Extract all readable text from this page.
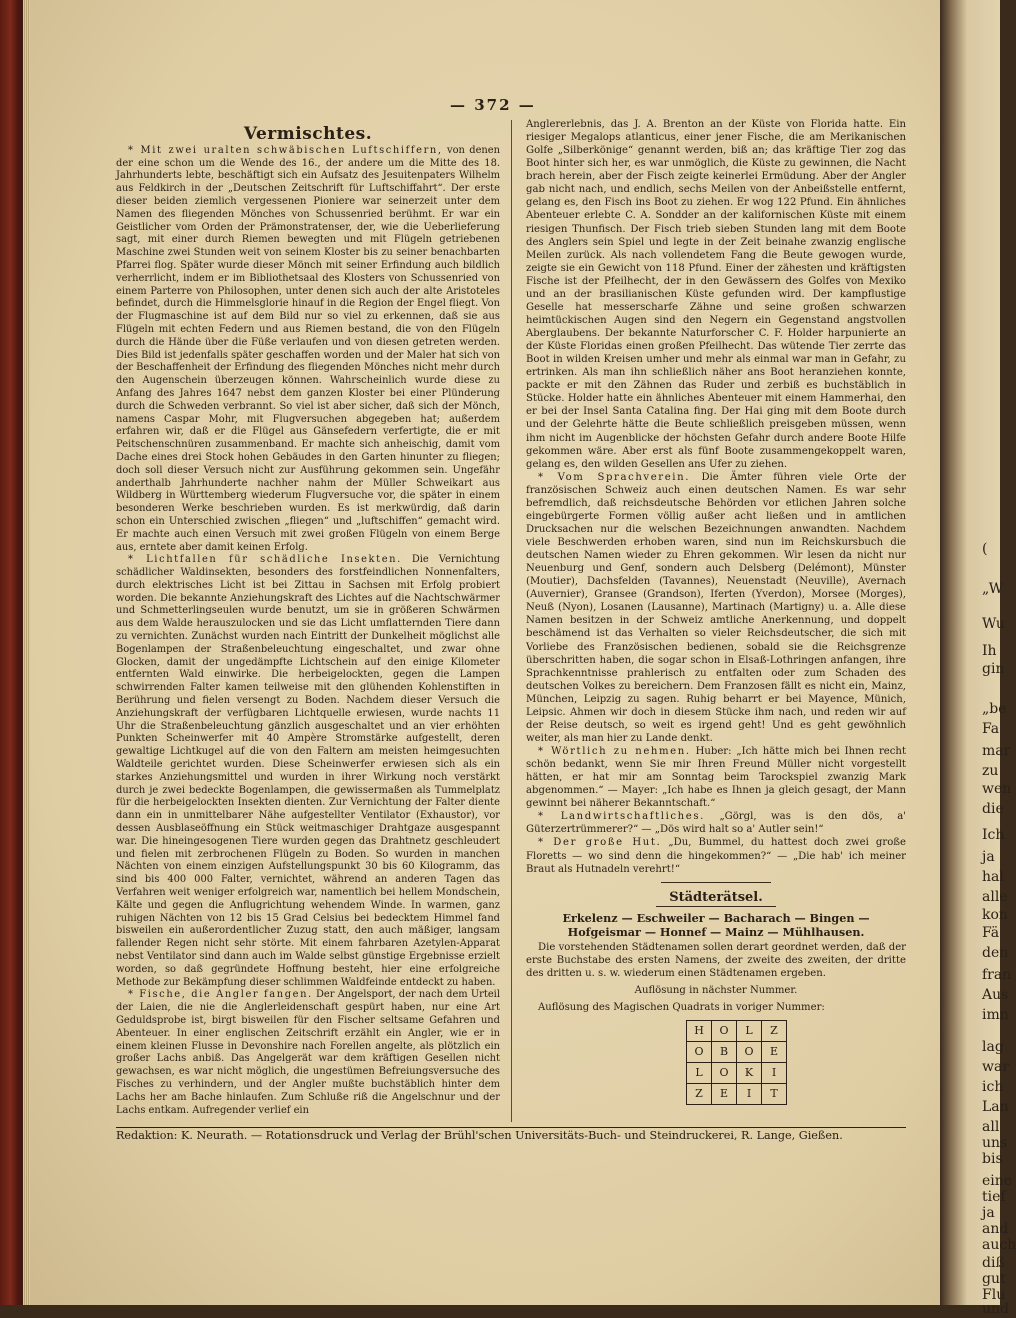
— 372 —
Vermischtes.

* Mit zwei uralten schwäbischen Luftschiffern, von denen der eine schon um die Wende des 16., der andere um die Mitte des 18. Jahrhunderts lebte, beschäftigt sich ein Aufsatz des Jesuitenpaters Wilhelm aus Feldkirch in der „Deutschen Zeitschrift für Luftschiffahrt“. Der erste dieser beiden ziemlich vergessenen Pioniere war seinerzeit unter dem Namen des fliegenden Mönches von Schussenried berühmt. Er war ein Geistlicher vom Orden der Prämonstratenser, der, wie die Ueberlieferung sagt, mit einer durch Riemen bewegten und mit Flügeln getriebenen Maschine zwei Stunden weit von seinem Kloster bis zu seiner benachbarten Pfarrei flog. Später wurde dieser Mönch mit seiner Erfindung auch bildlich verherrlicht, indem er im Bibliothetsaal des Klosters von Schussenried von einem Parterre von Philosophen, unter denen sich auch der alte Aristoteles befindet, durch die Himmelsglorie hinauf in die Region der Engel fliegt. Von der Flugmaschine ist auf dem Bild nur so viel zu erkennen, daß sie aus Flügeln mit echten Federn und aus Riemen bestand, die von den Flügeln durch die Hände über die Füße verlaufen und von diesen getreten werden. Dies Bild ist jedenfalls später geschaffen worden und der Maler hat sich von der Beschaffenheit der Erfindung des fliegenden Mönches nicht mehr durch den Augenschein überzeugen können. Wahrscheinlich wurde diese zu Anfang des Jahres 1647 nebst dem ganzen Kloster bei einer Plünderung durch die Schweden verbrannt. So viel ist aber sicher, daß sich der Mönch, namens Caspar Mohr, mit Flugversuchen abgegeben hat; außerdem erfahren wir, daß er die Flügel aus Gänsefedern verfertigte, die er mit Peitschenschnüren zusammenband. Er machte sich anheischig, damit vom Dache eines drei Stock hohen Gebäudes in den Garten hinunter zu fliegen; doch soll dieser Versuch nicht zur Ausführung gekommen sein. Ungefähr anderthalb Jahrhunderte nachher nahm der Müller Schweikart aus Wildberg in Württemberg wiederum Flugversuche vor, die später in einem besonderen Werke beschrieben wurden. Es ist merkwürdig, daß darin schon ein Unterschied zwischen „fliegen“ und „luftschiffen“ gemacht wird. Er machte auch einen Versuch mit zwei großen Flügeln von einem Berge aus, erntete aber damit keinen Erfolg.

* Lichtfallen für schädliche Insekten. Die Vernichtung schädlicher Waldinsekten, besonders des forstfeindlichen Nonnenfalters, durch elektrisches Licht ist bei Zittau in Sachsen mit Erfolg probiert worden. Die bekannte Anziehungskraft des Lichtes auf die Nachtschwärmer und Schmetterlingseulen wurde benutzt, um sie in größeren Schwärmen aus dem Walde herauszulocken und sie das Licht umflatternden Tiere dann zu vernichten. Zunächst wurden nach Eintritt der Dunkelheit möglichst alle Bogenlampen der Straßenbeleuchtung eingeschaltet, und zwar ohne Glocken, damit der ungedämpfte Lichtschein auf den einige Kilometer entfernten Wald einwirke. Die herbeigelockten, gegen die Lampen schwirrenden Falter kamen teilweise mit den glühenden Kohlenstiften in Berührung und fielen versengt zu Boden. Nachdem dieser Versuch die Anziehungskraft der verfügbaren Lichtquelle erwiesen, wurde nachts 11 Uhr die Straßenbeleuchtung gänzlich ausgeschaltet und an vier erhöhten Punkten Scheinwerfer mit 40 Ampère Stromstärke aufgestellt, deren gewaltige Lichtkugel auf die von den Faltern am meisten heimgesuchten Waldteile gerichtet wurden. Diese Scheinwerfer erwiesen sich als ein starkes Anziehungsmittel und wurden in ihrer Wirkung noch verstärkt durch je zwei bedeckte Bogenlampen, die gewissermaßen als Tummelplatz für die herbeigelockten Insekten dienten. Zur Vernichtung der Falter diente dann ein in unmittelbarer Nähe aufgestellter Ventilator (Exhaustor), vor dessen Ausblaseöffnung ein Stück weitmaschiger Drahtgaze ausgespannt war. Die hineingesogenen Tiere wurden gegen das Drahtnetz geschleudert und fielen mit zerbrochenen Flügeln zu Boden. So wurden in manchen Nächten von einem einzigen Aufstellungspunkt 30 bis 60 Kilogramm, das sind bis 400 000 Falter, vernichtet, während an anderen Tagen das Verfahren weit weniger erfolgreich war, namentlich bei hellem Mondschein, Kälte und gegen die Anflugrichtung wehendem Winde. In warmen, ganz ruhigen Nächten von 12 bis 15 Grad Celsius bei bedecktem Himmel fand bisweilen ein außerordentlicher Zuzug statt, den auch mäßiger, langsam fallender Regen nicht sehr störte. Mit einem fahrbaren Azetylen-Apparat nebst Ventilator sind dann auch im Walde selbst günstige Ergebnisse erzielt worden, so daß gegründete Hoffnung besteht, hier eine erfolgreiche Methode zur Bekämpfung dieser schlimmen Waldfeinde entdeckt zu haben.

* Fische, die Angler fangen. Der Angelsport, der nach dem Urteil der Laien, die nie die Anglerleidenschaft gespürt haben, nur eine Art Geduldsprobe ist, birgt bisweilen für den Fischer seltsame Gefahren und Abenteuer. In einer englischen Zeitschrift erzählt ein Angler, wie er in einem kleinen Flusse in Devonshire nach Forellen angelte, als plötzlich ein großer Lachs anbiß. Das Angelgerät war dem kräftigen Gesellen nicht gewachsen, es war nicht möglich, die ungestümen Befreiungsversuche des Fisches zu verhindern, und der Angler mußte buchstäblich hinter dem Lachs her am Bache hinlaufen. Zum Schluße riß die Angelschnur und der Lachs entkam. Aufregender verlief ein

Anglererlebnis, das J. A. Brenton an der Küste von Florida hatte. Ein riesiger Megalops atlanticus, einer jener Fische, die am Merikanischen Golfe „Silberkönige“ genannt werden, biß an; das kräftige Tier zog das Boot hinter sich her, es war unmöglich, die Küste zu gewinnen, die Nacht brach herein, aber der Fisch zeigte keinerlei Ermüdung. Aber der Angler gab nicht nach, und endlich, sechs Meilen von der Anbeißstelle entfernt, gelang es, den Fisch ins Boot zu ziehen. Er wog 122 Pfund. Ein ähnliches Abenteuer erlebte C. A. Sondder an der kalifornischen Küste mit einem riesigen Thunfisch. Der Fisch trieb sieben Stunden lang mit dem Boote des Anglers sein Spiel und legte in der Zeit beinahe zwanzig englische Meilen zurück. Als nach vollendetem Fang die Beute gewogen wurde, zeigte sie ein Gewicht von 118 Pfund. Einer der zähesten und kräftigsten Fische ist der Pfeilhecht, der in den Gewässern des Golfes von Mexiko und an der brasilianischen Küste gefunden wird. Der kampflustige Geselle hat messerscharfe Zähne und seine großen schwarzen heimtückischen Augen sind den Negern ein Gegenstand angstvollen Aberglaubens. Der bekannte Naturforscher C. F. Holder harpunierte an der Küste Floridas einen großen Pfeilhecht. Das wütende Tier zerrte das Boot in wilden Kreisen umher und mehr als einmal war man in Gefahr, zu ertrinken. Als man ihn schließlich näher ans Boot heranziehen konnte, packte er mit den Zähnen das Ruder und zerbiß es buchstäblich in Stücke. Holder hatte ein ähnliches Abenteuer mit einem Hammerhai, den er bei der Insel Santa Catalina fing. Der Hai ging mit dem Boote durch und der Gelehrte hätte die Beute schließlich preisgeben müssen, wenn ihm nicht im Augenblicke der höchsten Gefahr durch andere Boote Hilfe gekommen wäre. Aber erst als fünf Boote zusammengekoppelt waren, gelang es, den wilden Gesellen ans Ufer zu ziehen.

* Vom Sprachverein. Die Ämter führen viele Orte der französischen Schweiz auch einen deutschen Namen. Es war sehr befremdlich, daß reichsdeutsche Behörden vor etlichen Jahren solche eingebürgerte Formen völlig außer acht ließen und in amtlichen Drucksachen nur die welschen Bezeichnungen anwandten. Nachdem viele Beschwerden erhoben waren, sind nun im Reichskursbuch die deutschen Namen wieder zu Ehren gekommen. Wir lesen da nicht nur Neuenburg und Genf, sondern auch Delsberg (Delémont), Münster (Moutier), Dachsfelden (Tavannes), Neuenstadt (Neuville), Avernach (Auvernier), Gransee (Grandson), Iferten (Yverdon), Morsee (Morges), Neuß (Nyon), Losanen (Lausanne), Martinach (Martigny) u. a. Alle diese Namen besitzen in der Schweiz amtliche Anerkennung, und doppelt beschämend ist das Verhalten so vieler Reichsdeutscher, die sich mit Vorliebe des Französischen bedienen, sobald sie die Reichsgrenze überschritten haben, die sogar schon in Elsaß-Lothringen anfangen, ihre Sprachkenntnisse prahlerisch zu entfalten oder zum Schaden des deutschen Volkes zu bereichern. Dem Franzosen fällt es nicht ein, Mainz, München, Leipzig zu sagen. Ruhig beharrt er bei Mayence, Münich, Leipsic. Ahmen wir doch in diesem Stücke ihm nach, und reden wir auf der Reise deutsch, so weit es irgend geht! Und es geht gewöhnlich weiter, als man hier zu Lande denkt.

* Wörtlich zu nehmen. Huber: „Ich hätte mich bei Ihnen recht schön bedankt, wenn Sie mir Ihren Freund Müller nicht vorgestellt hätten, er hat mir am Sonntag beim Tarockspiel zwanzig Mark abgenommen.“ — Mayer: „Ich habe es Ihnen ja gleich gesagt, der Mann gewinnt bei näherer Bekanntschaft.“

* Landwirtschaftliches. „Görgl, was is den dös, a' Güterzertrümmerer?“ — „Dös wird halt so a' Autler sein!“

* Der große Hut. „Du, Bummel, du hattest doch zwei große Floretts — wo sind denn die hingekommen?“ — „Die hab' ich meiner Braut als Hutnadeln verehrt!“

Städterätsel.
Erkelenz — Eschweiler — Bacharach — Bingen — Hofgeismar — Honnef — Mainz — Mühlhausen.

Die vorstehenden Städtenamen sollen derart geordnet werden, daß der erste Buchstabe des ersten Namens, der zweite des zweiten, der dritte des dritten u. s. w. wiederum einen Städtenamen ergeben.

Auflösung in nächster Nummer.

Auflösung des Magischen Quadrats in voriger Nummer:

H	O	L	Z
O	B	O	E
L	O	K	I
Z	E	I	T
Redaktion: K. Neurath. — Rotationsdruck und Verlag der Brühl'schen Universitäts-Buch- und Steindruckerei, R. Lange, Gießen.
(
„W
Wu
Ih
gin
„be
Fa
mar
zu
wen
die
Ich
ja
hal
alle
kon
Fä
den
fran
Aus
imn
lag
war
ich
Lan
all
uns
bis
eine
tief
ja
and
auch
diß
gut
Flu
und
